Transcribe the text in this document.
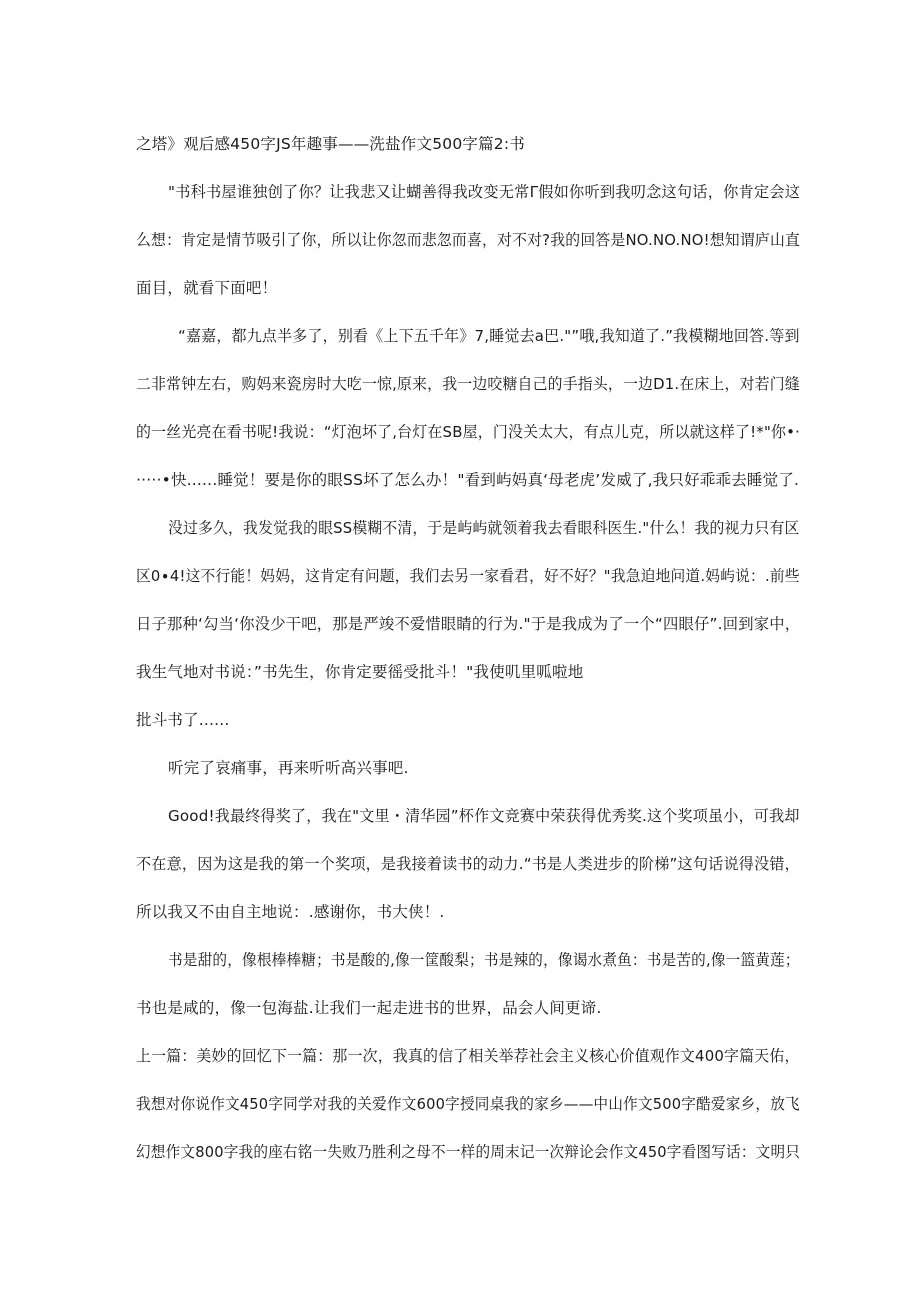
之塔》观后感450字JS年趣事——洗盐作文500字篇2:书
"书科书屋谁独创了你？让我悲又让蝴善得我改变无常Γ假如你听到我叨念这句话，你肯定会这
么想：肯定是情节吸引了你，所以让你忽而悲忽而喜，对不对?我的回答是NO.NO.NO!想知谓庐山直
面目，就看下面吧！
“嘉嘉，都九点半多了，别看《上下五千年》7,睡觉去a巴."”哦,我知道了.”我模糊地回答.等到
二非常钟左右，购妈来瓷房时大吃一惊,原来，我一边咬糖自己的手指头，一边D1.在床上，对若门缝
的一丝光亮在看书呢!我说：“灯泡坏了,台灯在SB屋，门没关太大，有点儿克，所以就这样了!*"你•·
·····•快......睡觉！要是你的眼SS坏了怎么办！"看到屿妈真‘母老虎’发威了,我只好乖乖去睡觉了.
没过多久，我发觉我的眼SS模糊不清，于是屿屿就领着我去看眼科医生."什么！我的视力只有区
区0∙4!这不行能！妈妈，这肯定有问题，我们去另一家看君，好不好？"我急迫地问道.妈屿说：.前些
日子那种‘勾当‘你没少干吧，那是严竣不爱惜眼睛的行为."于是我成为了一个“四眼仔”.回到家中，
我生气地对书说：”书先生，你肯定要徭受批斗！"我使叽里呱啦地
批斗书了......
听完了哀痛事，再来听听高兴事吧.
Good!我最终得奖了，我在"文里・清华园”杯作文竞赛中荣获得优秀奖.这个奖项虽小，可我却
不在意，因为这是我的第一个奖项，是我接着读书的动力.“书是人类进步的阶梯”这句话说得没错，
所以我又不由自主地说：.感谢你，书大侠！.
书是甜的，像根棒棒糖；书是酸的,像一筐酸梨；书是辣的，像谒水煮鱼：书是苦的,像一篮黄莲；
书也是咸的，像一包海盐.让我们一起走进书的世界，品会人间更谛.
上一篇：美妙的回忆下一篇：那一次，我真的信了相关举荐社会主义核心价值观作文400字篇天佑，
我想对你说作文450字同学对我的关爱作文600字授同桌我的家乡——中山作文500字酷爱家乡，放飞
幻想作文800字我的座右铭一失败乃胜利之母不一样的周末记一次辩论会作文450字看图写话：文明只
